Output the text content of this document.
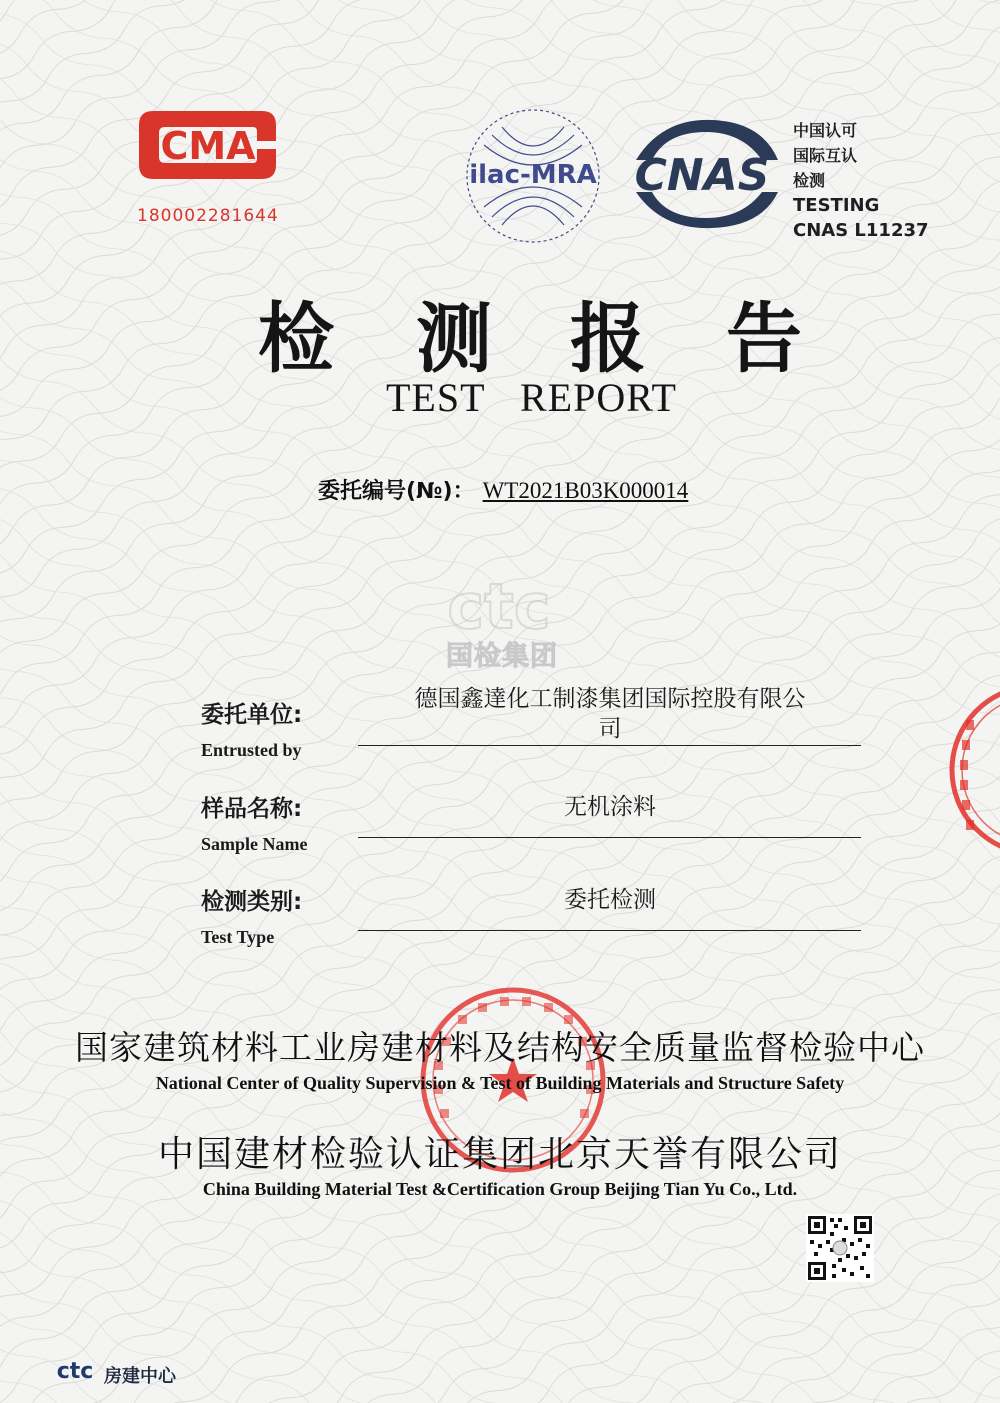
CMA
180002281644
ilac-MRA CNAS
中国认可
国际互认
检测
TESTING
CNAS L11237
检 测 报 告
TEST REPORT
委托编号(№)： WT2021B03K000014
ctc
国检集团
委托单位:
Entrusted by
德国鑫達化工制漆集团国际控股有限公
司
样品名称:
Sample Name
无机涂料
检测类别:
Test Type
委托检测
国家建筑材料工业房建材料及结构安全质量监督检验中心
National Center of Quality Supervision & Test of Building Materials and Structure Safety
中国建材检验认证集团北京天誉有限公司
China Building Material Test &Certification Group Beijing Tian Yu Co., Ltd.
ctc 房建中心
